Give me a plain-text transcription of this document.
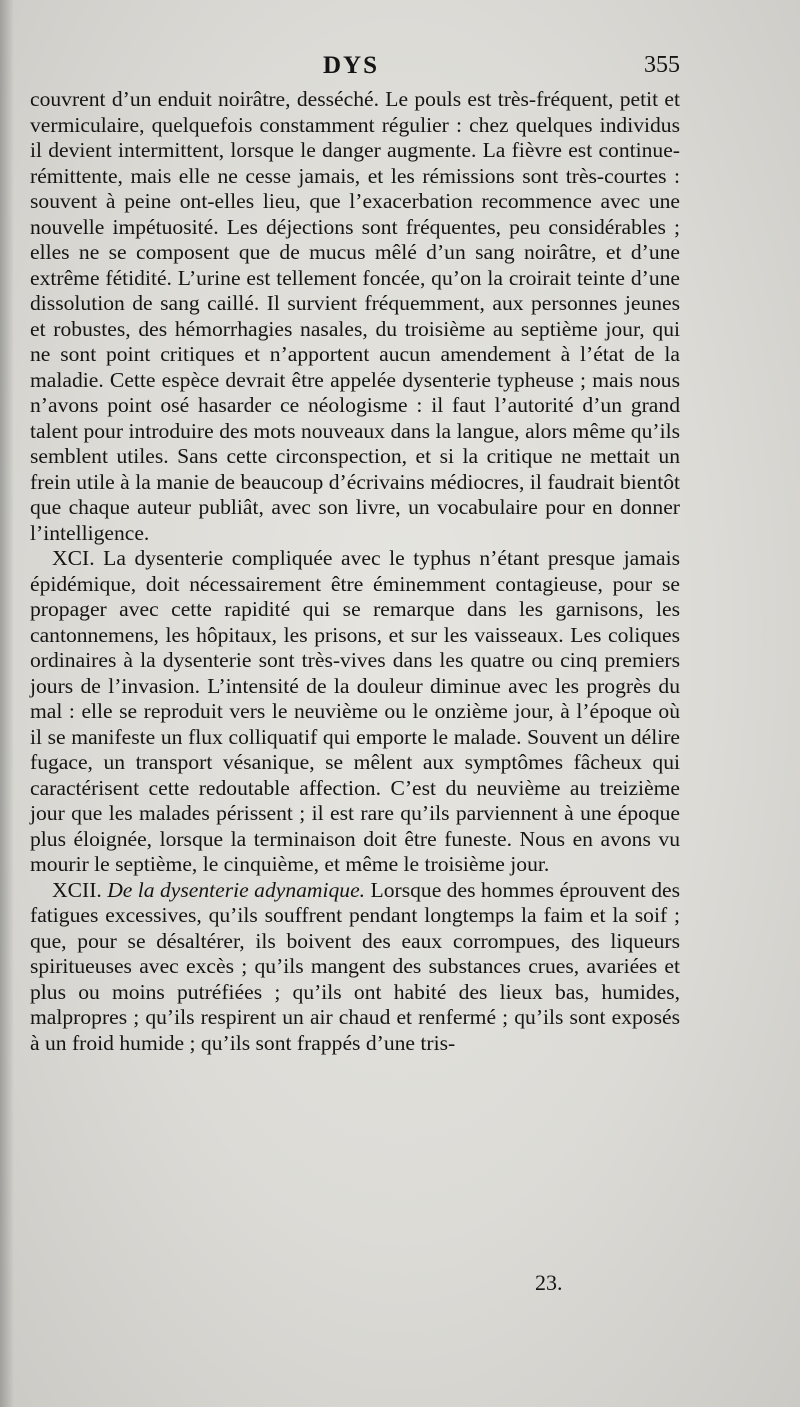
DYS	355

couvrent d’un enduit noirâtre, desséché. Le pouls est très-fréquent, petit et vermiculaire, quelquefois constamment régulier : chez quelques individus il devient intermittent, lorsque le danger augmente. La fièvre est continue-rémittente, mais elle ne cesse jamais, et les rémissions sont très-courtes : souvent à peine ont-elles lieu, que l’exacerbation recommence avec une nouvelle impétuosité. Les déjections sont fréquentes, peu considérables ; elles ne se composent que de mucus mêlé d’un sang noirâtre, et d’une extrême fétidité. L’urine est tellement foncée, qu’on la croirait teinte d’une dissolution de sang caillé. Il survient fréquemment, aux personnes jeunes et robustes, des hémorrhagies nasales, du troisième au septième jour, qui ne sont point critiques et n’apportent aucun amendement à l’état de la maladie. Cette espèce devrait être appelée dysenterie typheuse ; mais nous n’avons point osé hasarder ce néologisme : il faut l’autorité d’un grand talent pour introduire des mots nouveaux dans la langue, alors même qu’ils semblent utiles. Sans cette circonspection, et si la critique ne mettait un frein utile à la manie de beaucoup d’écrivains médiocres, il faudrait bientôt que chaque auteur publiât, avec son livre, un vocabulaire pour en donner l’intelligence.

XCI. La dysenterie compliquée avec le typhus n’étant presque jamais épidémique, doit nécessairement être éminemment contagieuse, pour se propager avec cette rapidité qui se remarque dans les garnisons, les cantonnemens, les hôpitaux, les prisons, et sur les vaisseaux. Les coliques ordinaires à la dysenterie sont très-vives dans les quatre ou cinq premiers jours de l’invasion. L’intensité de la douleur diminue avec les progrès du mal : elle se reproduit vers le neuvième ou le onzième jour, à l’époque où il se manifeste un flux colliquatif qui emporte le malade. Souvent un délire fugace, un transport vésanique, se mêlent aux symptômes fâcheux qui caractérisent cette redoutable affection. C’est du neuvième au treizième jour que les malades périssent ; il est rare qu’ils parviennent à une époque plus éloignée, lorsque la terminaison doit être funeste. Nous en avons vu mourir le septième, le cinquième, et même le troisième jour.

XCII. De la dysenterie adynamique. Lorsque des hommes éprouvent des fatigues excessives, qu’ils souffrent pendant longtemps la faim et la soif ; que, pour se désaltérer, ils boivent des eaux corrompues, des liqueurs spiritueuses avec excès ; qu’ils mangent des substances crues, avariées et plus ou moins putréfiées ; qu’ils ont habité des lieux bas, humides, malpropres ; qu’ils respirent un air chaud et renfermé ; qu’ils sont exposés à un froid humide ; qu’ils sont frappés d’une tris-

23.
